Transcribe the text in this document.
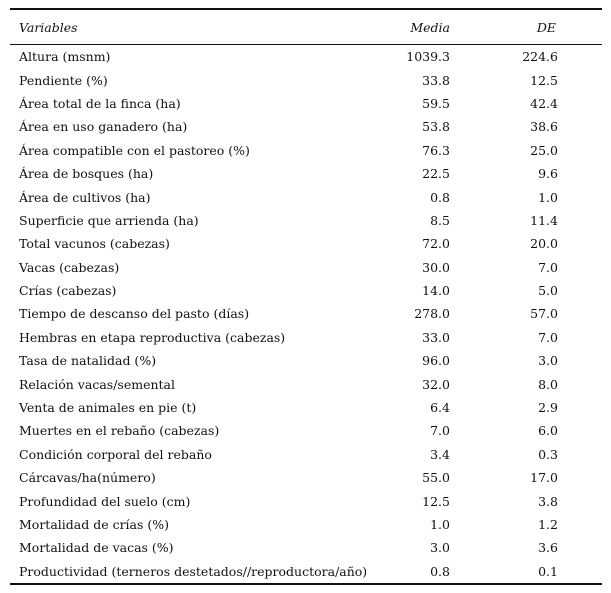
Variables	Media	DE
Altura (msnm)	1039.3	224.6
Pendiente (%)	33.8	12.5
Área total de la finca (ha)	59.5	42.4
Área en uso ganadero (ha)	53.8	38.6
Área compatible con el pastoreo (%)	76.3	25.0
Área de bosques (ha)	22.5	9.6
Área de cultivos (ha)	0.8	1.0
Superficie que arrienda (ha)	8.5	11.4
Total vacunos (cabezas)	72.0	20.0
Vacas (cabezas)	30.0	7.0
Crías (cabezas)	14.0	5.0
Tiempo de descanso del pasto (días)	278.0	57.0
Hembras en etapa reproductiva (cabezas)	33.0	7.0
Tasa de natalidad (%)	96.0	3.0
Relación vacas/semental	32.0	8.0
Venta de animales en pie (t)	6.4	2.9
Muertes en el rebaño (cabezas)	7.0	6.0
Condición corporal del rebaño	3.4	0.3
Cárcavas/ha(número)	55.0	17.0
Profundidad del suelo (cm)	12.5	3.8
Mortalidad de crías (%)	1.0	1.2
Mortalidad de vacas (%)	3.0	3.6
Productividad (terneros destetados//reproductora/año)	0.8	0.1
